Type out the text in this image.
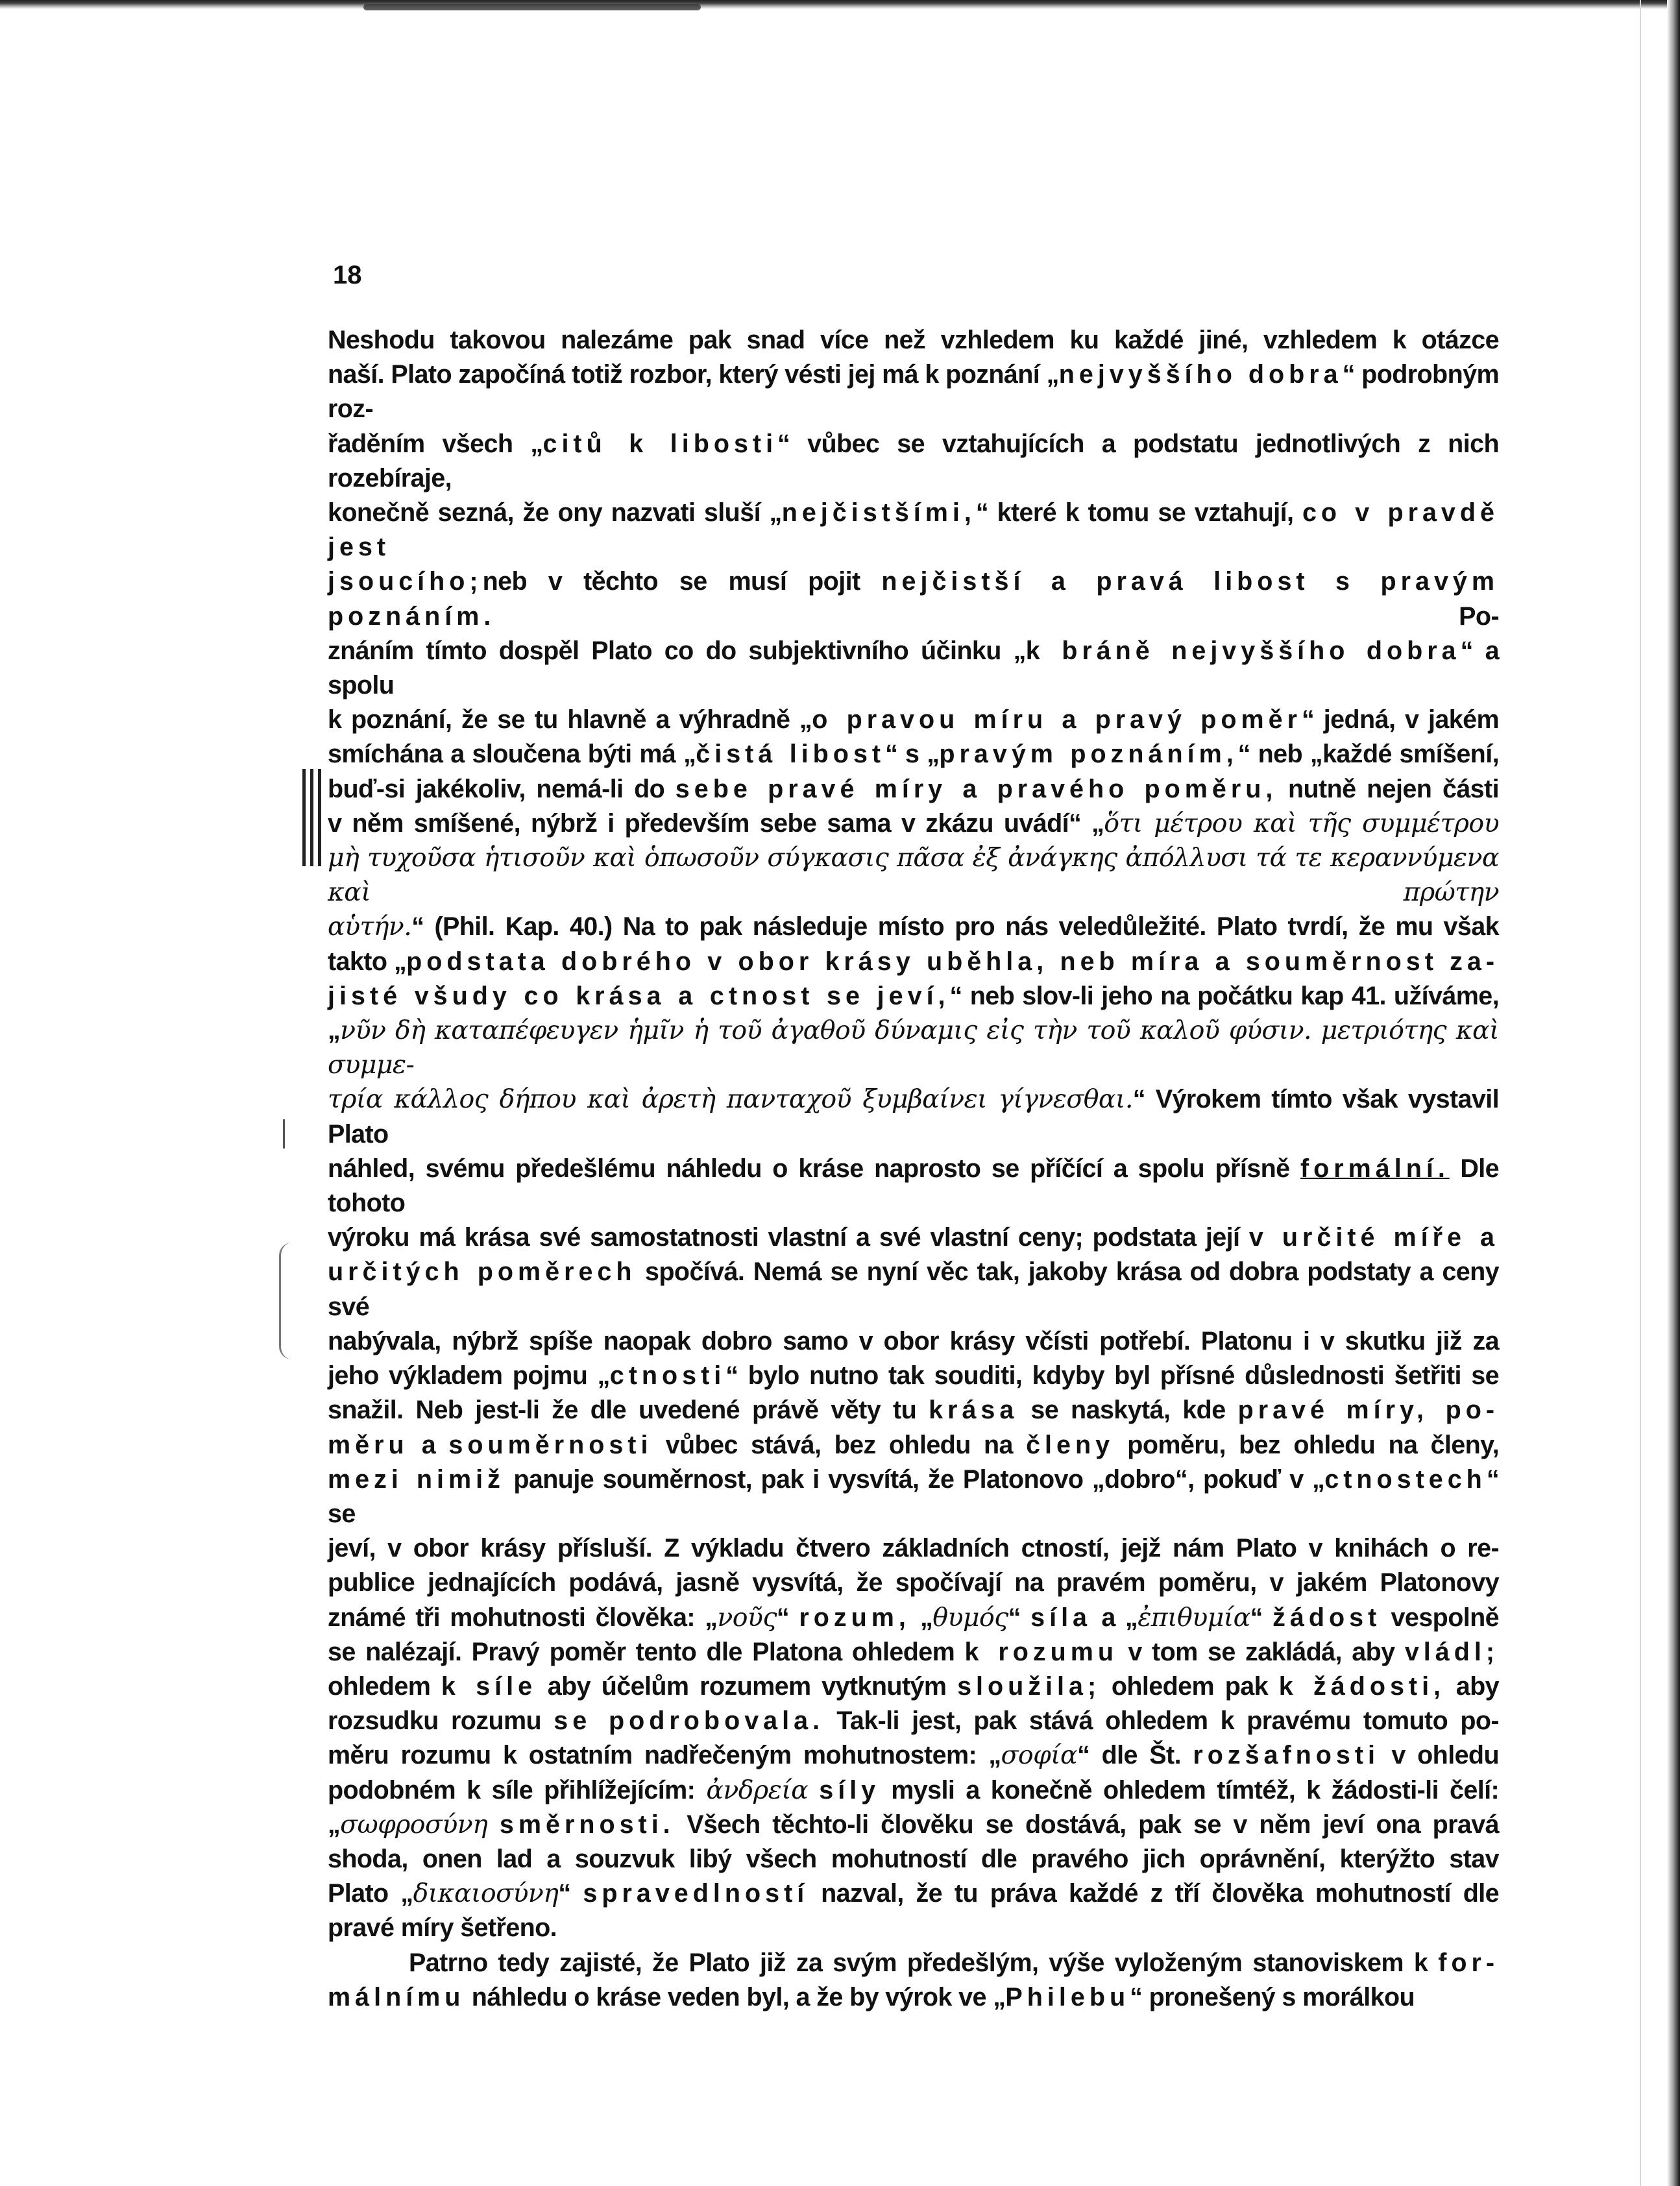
18

Neshodu takovou nalezáme pak snad více než vzhledem ku každé jiné, vzhledem k otázce

naší. Plato započíná totiž rozbor, který vésti jej má k poznání „nejvyššího dobra“ podrobným roz-

řaděním všech „citů k libosti“ vůbec se vztahujících a podstatu jednotlivých z nich rozebíraje,

konečně sezná, že ony nazvati sluší „nejčistšími,“ které k tomu se vztahují, co v pravdě jest

jsoucího;neb v těchto se musí pojit nejčistší a pravá libost s pravým poznáním. Po-

znáním tímto dospěl Plato co do subjektivního účinku „k bráně nejvyššího dobra“ a spolu

k poznání, že se tu hlavně a výhradně „o pravou míru a pravý poměr“ jedná, v jakém

smíchána a sloučena býti má „čistá libost“ s „pravým poznáním,“ neb „každé smíšení,

buď-si jakékoliv, nemá-li do sebe pravé míry a pravého poměru, nutně nejen části

v něm smíšené, nýbrž i především sebe sama v zkázu uvádí“ „ὅτι μέτρου καὶ τῆς συμμέτρου

μὴ τυχοῦσα ἡτισοῦν καὶ ὁπωσοῦν σύγκασις πᾶσα ἐξ ἀνάγκης ἀπόλλυσι τά τε κεραννύμενα καὶ πρώτην

αὑτήν.“ (Phil. Kap. 40.) Na to pak následuje místo pro nás veledůležité. Plato tvrdí, že mu však

takto „podstata dobrého v obor krásy uběhla, neb míra a souměrnost za-

jisté všudy co krása a ctnost se jeví,“ neb slov-li jeho na počátku kap 41. užíváme,

„νῦν δὴ καταπέφευγεν ἡμῖν ἡ τοῦ ἀγαθοῦ δύναμις εἰς τὴν τοῦ καλοῦ φύσιν. μετριότης καὶ συμμε-

τρία κάλλος δήπου καὶ ἀρετὴ πανταχοῦ ξυμβαίνει γίγνεσθαι.“ Výrokem tímto však vystavil Plato

náhled, svému předešlému náhledu o kráse naprosto se příčící a spolu přísně formální. Dle tohoto

výroku má krása své samostatnosti vlastní a své vlastní ceny; podstata její v určité míře a

určitých poměrech spočívá. Nemá se nyní věc tak, jakoby krása od dobra podstaty a ceny své

nabývala, nýbrž spíše naopak dobro samo v obor krásy včísti potřebí. Platonu i v skutku již za

jeho výkladem pojmu „ctnosti“ bylo nutno tak souditi, kdyby byl přísné důslednosti šetřiti se

snažil. Neb jest-li že dle uvedené právě věty tu krása se naskytá, kde pravé míry, po-

měru a souměrnosti vůbec stává, bez ohledu na členy poměru, bez ohledu na členy,

mezi nimiž panuje souměrnost, pak i vysvítá, že Platonovo „dobro“, pokuď v „ctnostech“ se

jeví, v obor krásy přísluší. Z výkladu čtvero základních ctností, jejž nám Plato v knihách o re-

publice jednajících podává, jasně vysvítá, že spočívají na pravém poměru, v jakém Platonovy

známé tři mohutnosti člověka: „νοῦς“ rozum, „θυμός“ síla a „ἐπιθυμία“ žádost vespolně

se nalézají. Pravý poměr tento dle Platona ohledem k rozumu v tom se zakládá, aby vládl;

ohledem k síle aby účelům rozumem vytknutým sloužila; ohledem pak k žádosti, aby

rozsudku rozumu se podrobovala. Tak-li jest, pak stává ohledem k pravému tomuto po-

měru rozumu k ostatním nadřečeným mohutnostem: „σοφία“ dle Št. rozšafnosti v ohledu

podobném k síle přihlížejícím: ἀνδρεία síly mysli a konečně ohledem tímtéž, k žádosti-li čelí:

„σωφροσύνη směrnosti. Všech těchto-li člověku se dostává, pak se v něm jeví ona pravá

shoda, onen lad a souzvuk libý všech mohutností dle pravého jich oprávnění, kterýžto stav

Plato „δικαιοσύνη“ spravedlností nazval, že tu práva každé z tří člověka mohutností dle

pravé míry šetřeno.

Patrno tedy zajisté, že Plato již za svým předešlým, výše vyloženým stanoviskem k for-

málnímu náhledu o kráse veden byl, a že by výrok ve „Philebu“ pronešený s morálkou
